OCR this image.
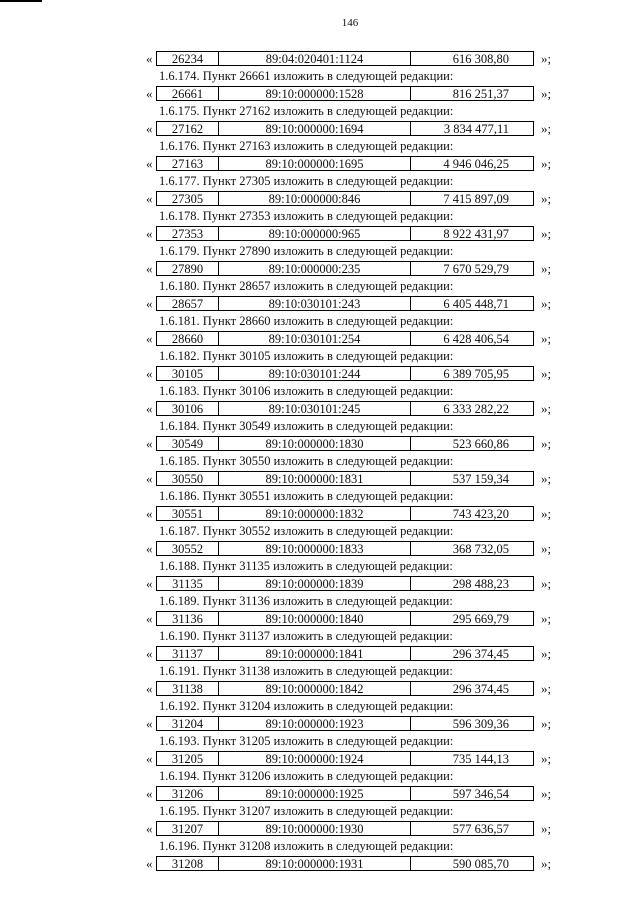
146
«	26234	89:04:020401:1124	616 308,80	»;
1.6.174. Пункт 26661 изложить в следующей редакции:
«	26661	89:10:000000:1528	816 251,37	»;
1.6.175. Пункт 27162 изложить в следующей редакции:
«	27162	89:10:000000:1694	3 834 477,11	»;
1.6.176. Пункт 27163 изложить в следующей редакции:
«	27163	89:10:000000:1695	4 946 046,25	»;
1.6.177. Пункт 27305 изложить в следующей редакции:
«	27305	89:10:000000:846	7 415 897,09	»;
1.6.178. Пункт 27353 изложить в следующей редакции:
«	27353	89:10:000000:965	8 922 431,97	»;
1.6.179. Пункт 27890 изложить в следующей редакции:
«	27890	89:10:000000:235	7 670 529,79	»;
1.6.180. Пункт 28657 изложить в следующей редакции:
«	28657	89:10:030101:243	6 405 448,71	»;
1.6.181. Пункт 28660 изложить в следующей редакции:
«	28660	89:10:030101:254	6 428 406,54	»;
1.6.182. Пункт 30105 изложить в следующей редакции:
«	30105	89:10:030101:244	6 389 705,95	»;
1.6.183. Пункт 30106 изложить в следующей редакции:
«	30106	89:10:030101:245	6 333 282,22	»;
1.6.184. Пункт 30549 изложить в следующей редакции:
«	30549	89:10:000000:1830	523 660,86	»;
1.6.185. Пункт 30550 изложить в следующей редакции:
«	30550	89:10:000000:1831	537 159,34	»;
1.6.186. Пункт 30551 изложить в следующей редакции:
«	30551	89:10:000000:1832	743 423,20	»;
1.6.187. Пункт 30552 изложить в следующей редакции:
«	30552	89:10:000000:1833	368 732,05	»;
1.6.188. Пункт 31135 изложить в следующей редакции:
«	31135	89:10:000000:1839	298 488,23	»;
1.6.189. Пункт 31136 изложить в следующей редакции:
«	31136	89:10:000000:1840	295 669,79	»;
1.6.190. Пункт 31137 изложить в следующей редакции:
«	31137	89:10:000000:1841	296 374,45	»;
1.6.191. Пункт 31138 изложить в следующей редакции:
«	31138	89:10:000000:1842	296 374,45	»;
1.6.192. Пункт 31204 изложить в следующей редакции:
«	31204	89:10:000000:1923	596 309,36	»;
1.6.193. Пункт 31205 изложить в следующей редакции:
«	31205	89:10:000000:1924	735 144,13	»;
1.6.194. Пункт 31206 изложить в следующей редакции:
«	31206	89:10:000000:1925	597 346,54	»;
1.6.195. Пункт 31207 изложить в следующей редакции:
«	31207	89:10:000000:1930	577 636,57	»;
1.6.196. Пункт 31208 изложить в следующей редакции:
«	31208	89:10:000000:1931	590 085,70	»;
